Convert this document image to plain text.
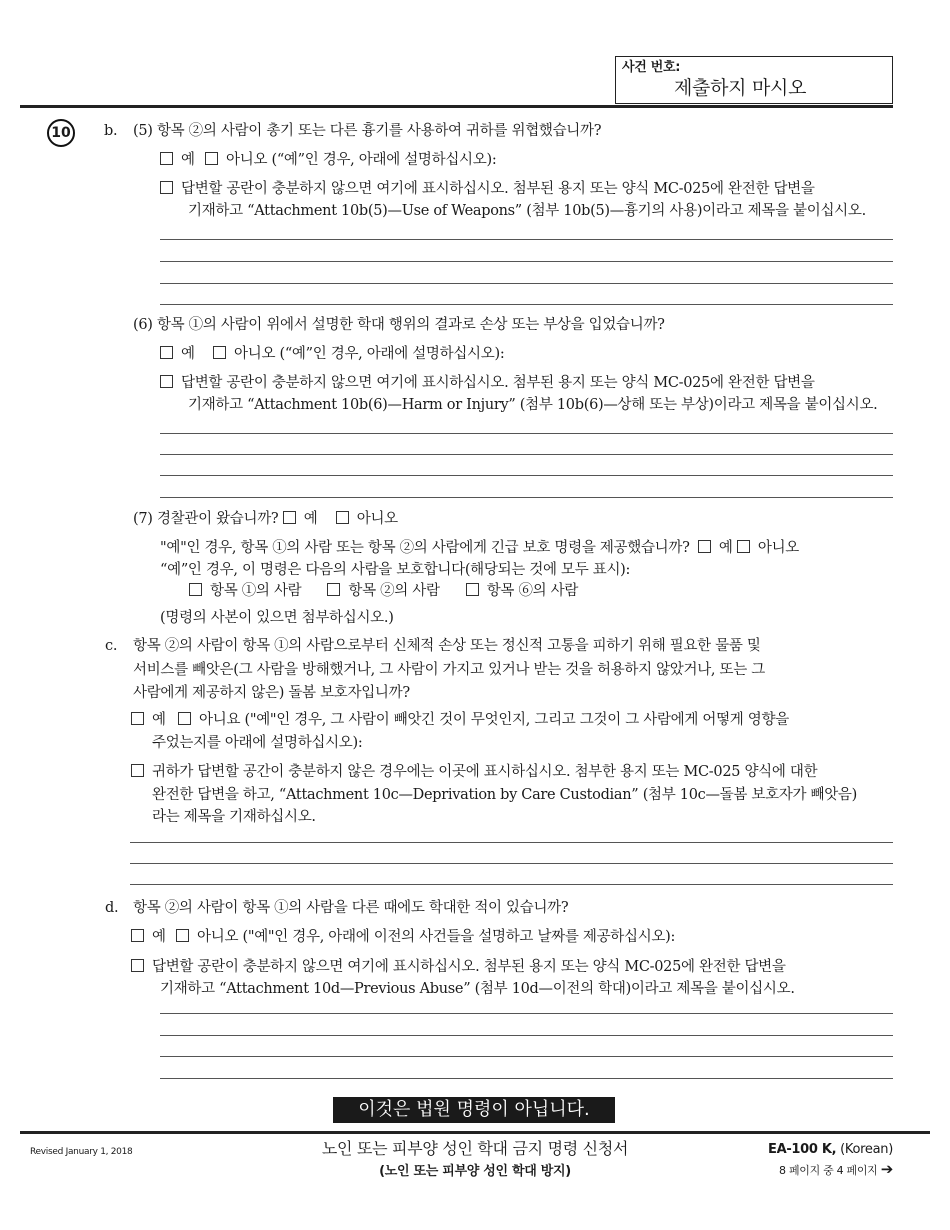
사건 번호:
제출하지 마시오
10 b. (5) 항목 ②의 사람이 총기 또는 다른 흉기를 사용하여 귀하를 위협했습니까?
예 아니오 (“예”인 경우, 아래에 설명하십시오):
답변할 공란이 충분하지 않으면 여기에 표시하십시오. 첨부된 용지 또는 양식 MC-025에 완전한 답변을
기재하고 “Attachment 10b(5)—Use of Weapons” (첨부 10b(5)—흉기의 사용)이라고 제목을 붙이십시오.
(6) 항목 ①의 사람이 위에서 설명한 학대 행위의 결과로 손상 또는 부상을 입었습니까?
예	아니오 (“예”인 경우, 아래에 설명하십시오):
답변할 공란이 충분하지 않으면 여기에 표시하십시오. 첨부된 용지 또는 양식 MC-025에 완전한 답변을
기재하고 “Attachment 10b(6)—Harm or Injury” (첨부 10b(6)—상해 또는 부상)이라고 제목을 붙이십시오.
(7) 경찰관이 왔습니까? 예	아니오
"예"인 경우, 항목 ①의 사람 또는 항목 ②의 사람에게 긴급 보호 명령을 제공했습니까? 예 아니오
“예”인 경우, 이 명령은 다음의 사람을 보호합니다(해당되는 것에 모두 표시):
항목 ①의 사람	항목 ②의 사람	항목 ⑥의 사람
(명령의 사본이 있으면 첨부하십시오.)
c. 항목 ②의 사람이 항목 ①의 사람으로부터 신체적 손상 또는 정신적 고통을 피하기 위해 필요한 물품 및
서비스를 빼앗은(그 사람을 방해했거나, 그 사람이 가지고 있거나 받는 것을 허용하지 않았거나, 또는 그
사람에게 제공하지 않은) 돌봄 보호자입니까?
예 아니요 ("예"인 경우, 그 사람이 빼앗긴 것이 무엇인지, 그리고 그것이 그 사람에게 어떻게 영향을
주었는지를 아래에 설명하십시오):
귀하가 답변할 공간이 충분하지 않은 경우에는 이곳에 표시하십시오. 첨부한 용지 또는 MC-025 양식에 대한
완전한 답변을 하고, “Attachment 10c—Deprivation by Care Custodian” (첨부 10c—돌봄 보호자가 빼앗음)
라는 제목을 기재하십시오.
d. 항목 ②의 사람이 항목 ①의 사람을 다른 때에도 학대한 적이 있습니까?
예 아니오 ("예"인 경우, 아래에 이전의 사건들을 설명하고 날짜를 제공하십시오):
답변할 공란이 충분하지 않으면 여기에 표시하십시오. 첨부된 용지 또는 양식 MC-025에 완전한 답변을
기재하고 “Attachment 10d—Previous Abuse” (첨부 10d—이전의 학대)이라고 제목을 붙이십시오.
이것은 법원 명령이 아닙니다.
Revised January 1, 2018	노인 또는 피부양 성인 학대 금지 명령 신청서
(노인 또는 피부양 성인 학대 방지)
EA-100 K, (Korean)
8 페이지 중 4 페이지 ➔
